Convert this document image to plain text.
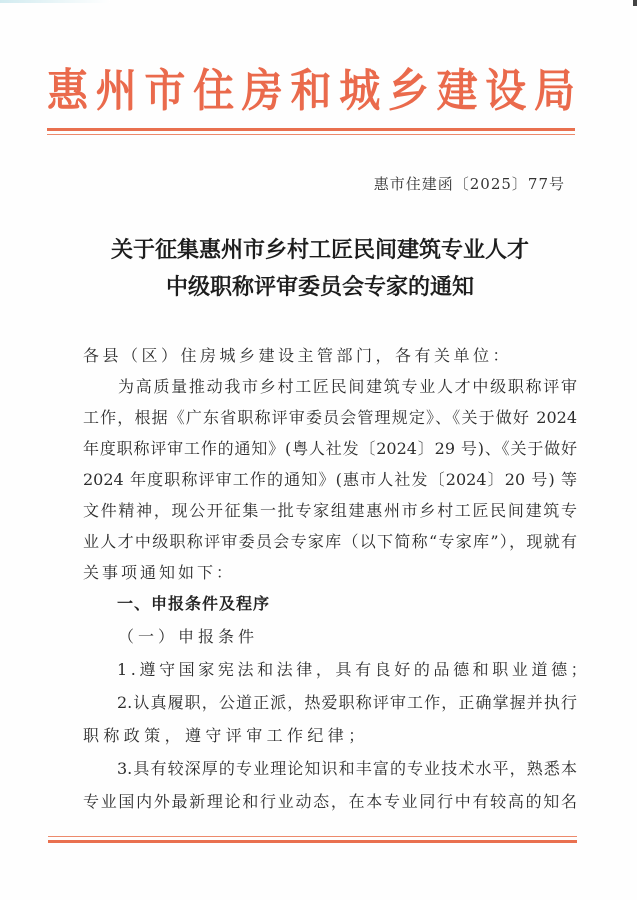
惠州市住房和城乡建设局
惠市住建函〔2025〕77号
关于征集惠州市乡村工匠民间建筑专业人才
中级职称评审委员会专家的通知
各县（区）住房城乡建设主管部门，各有关单位：
为高质量推动我市乡村工匠民间建筑专业人才中级职称评审
工作，根据《广东省职称评审委员会管理规定》、《关于做好 2024
年度职称评审工作的通知》(粤人社发〔2024〕29 号)、《关于做好
2024 年度职称评审工作的通知》(惠市人社发〔2024〕20 号) 等
文件精神，现公开征集一批专家组建惠州市乡村工匠民间建筑专
业人才中级职称评审委员会专家库（以下简称“专家库”），现就有
关事项通知如下：
一、申报条件及程序
（一）申报条件
1.遵守国家宪法和法律，具有良好的品德和职业道德；
2.认真履职，公道正派，热爱职称评审工作，正确掌握并执行
职称政策，遵守评审工作纪律；
3.具有较深厚的专业理论知识和丰富的专业技术水平，熟悉本
专业国内外最新理论和行业动态，在本专业同行中有较高的知名
